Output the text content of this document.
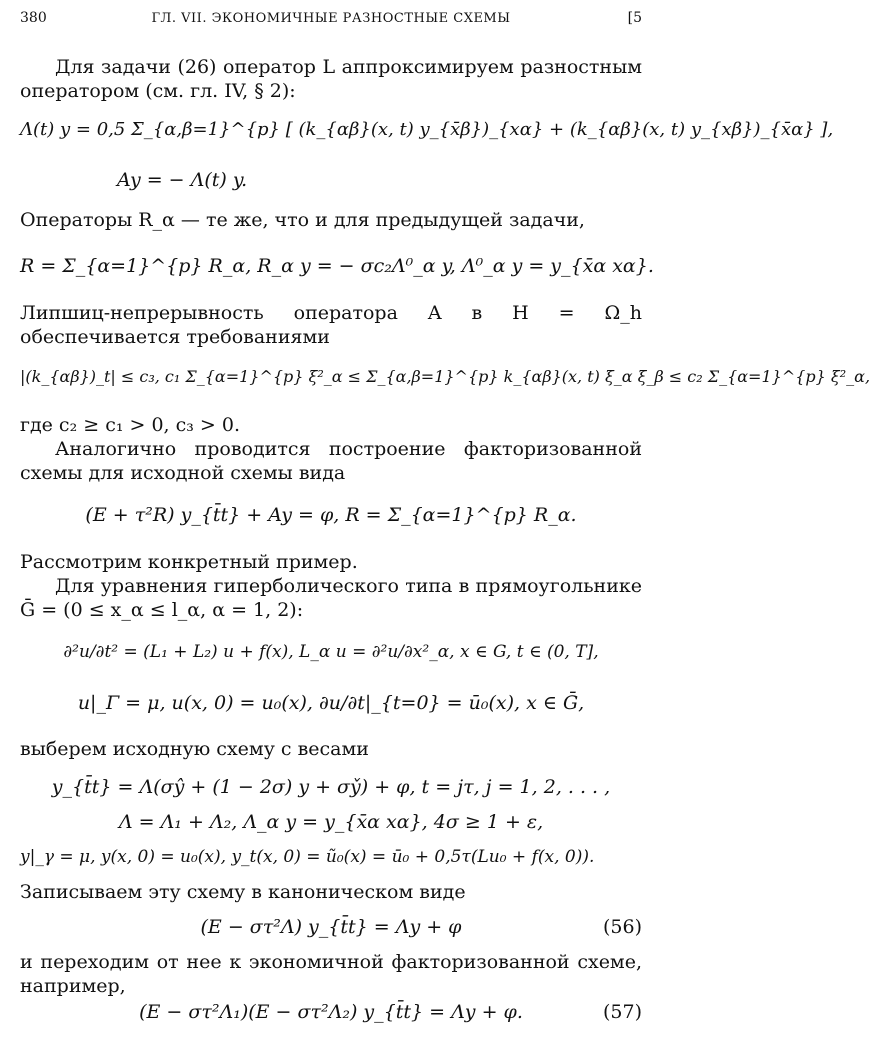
380	ГЛ. VII. ЭКОНОМИЧНЫЕ РАЗНОСТНЫЕ СХЕМЫ	[5
Для задачи (26) оператор L аппроксимируем разностным оператором (см. гл. IV, § 2):
Λ(t) y = 0,5 Σ_{α,β=1}^{p} [ (k_{αβ}(x, t) y_{x̄β})_{xα} + (k_{αβ}(x, t) y_{xβ})_{x̄α} ],
Ay = − Λ(t) y.
Операторы R_α — те же, что и для предыдущей задачи,
R = Σ_{α=1}^{p} R_α, R_α y = − σc₂Λ⁰_α y, Λ⁰_α y = y_{x̄α xα}.
Липшиц-непрерывность оператора A в H = Ω_h обеспечивается требованиями
|(k_{αβ})_t| ≤ c₃, c₁ Σ_{α=1}^{p} ξ²_α ≤ Σ_{α,β=1}^{p} k_{αβ}(x, t) ξ_α ξ_β ≤ c₂ Σ_{α=1}^{p} ξ²_α,
где c₂ ≥ c₁ > 0, c₃ > 0.
Аналогично проводится построение факторизованной схемы для исходной схемы вида
(E + τ²R) y_{t̄t} + Ay = φ, R = Σ_{α=1}^{p} R_α.
Рассмотрим конкретный пример.
Для уравнения гиперболического типа в прямоугольнике Ḡ = (0 ≤ x_α ≤ l_α, α = 1, 2):
∂²u/∂t² = (L₁ + L₂) u + f(x), L_α u = ∂²u/∂x²_α, x ∈ G, t ∈ (0, T],
u|_Γ = μ, u(x, 0) = u₀(x), ∂u/∂t|_{t=0} = ū₀(x), x ∈ Ḡ,
выберем исходную схему с весами
y_{t̄t} = Λ(σŷ + (1 − 2σ) y + σy̌) + φ, t = jτ, j = 1, 2, . . . ,
Λ = Λ₁ + Λ₂, Λ_α y = y_{x̄α xα}, 4σ ≥ 1 + ε,
y|_γ = μ, y(x, 0) = u₀(x), y_t(x, 0) = ũ₀(x) = ū₀ + 0,5τ(Lu₀ + f(x, 0)).
Записываем эту схему в каноническом виде
(E − στ²Λ) y_{t̄t} = Λy + φ	(56)
и переходим от нее к экономичной факторизованной схеме, например,
(E − στ²Λ₁)(E − στ²Λ₂) y_{t̄t} = Λy + φ.	(57)
